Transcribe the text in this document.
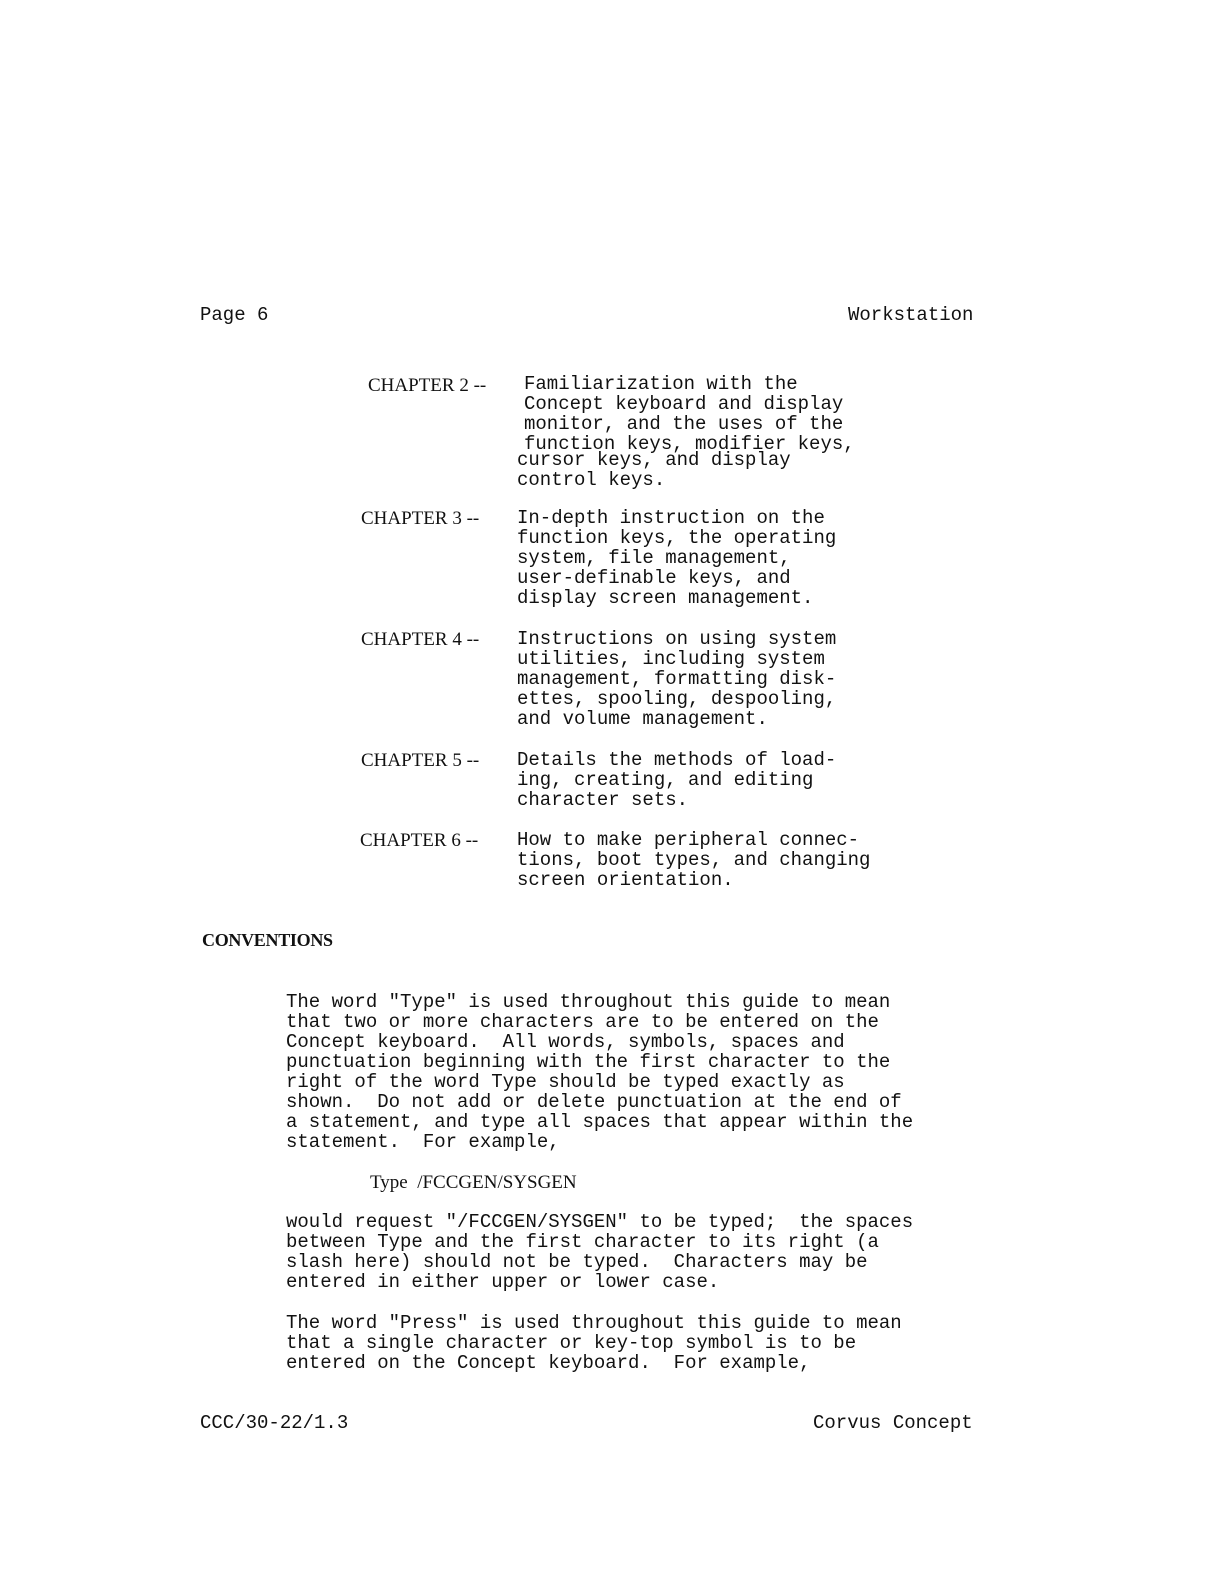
Page 6	Workstation
CHAPTER 2 -- Familiarization with the
Concept keyboard and display
monitor, and the uses of the
function keys, modifier keys,
cursor keys, and display
control keys.
CHAPTER 3 -- In-depth instruction on the
function keys, the operating
system, file management,
user-definable keys, and
display screen management.
CHAPTER 4 -- Instructions on using system
utilities, including system
management, formatting disk-
ettes, spooling, despooling,
and volume management.
CHAPTER 5 -- Details the methods of load-
ing, creating, and editing
character sets.
CHAPTER 6 -- How to make peripheral connec-
tions, boot types, and changing
screen orientation.
CONVENTIONS
The word "Type" is used throughout this guide to mean
that two or more characters are to be entered on the
Concept keyboard.  All words, symbols, spaces and
punctuation beginning with the first character to the
right of the word Type should be typed exactly as
shown.  Do not add or delete punctuation at the end of
a statement, and type all spaces that appear within the
statement.  For example,
Type  /FCCGEN/SYSGEN
would request "/FCCGEN/SYSGEN" to be typed;  the spaces
between Type and the first character to its right (a
slash here) should not be typed.  Characters may be
entered in either upper or lower case.
The word "Press" is used throughout this guide to mean
that a single character or key-top symbol is to be
entered on the Concept keyboard.  For example,
CCC/30-22/1.3	Corvus Concept
